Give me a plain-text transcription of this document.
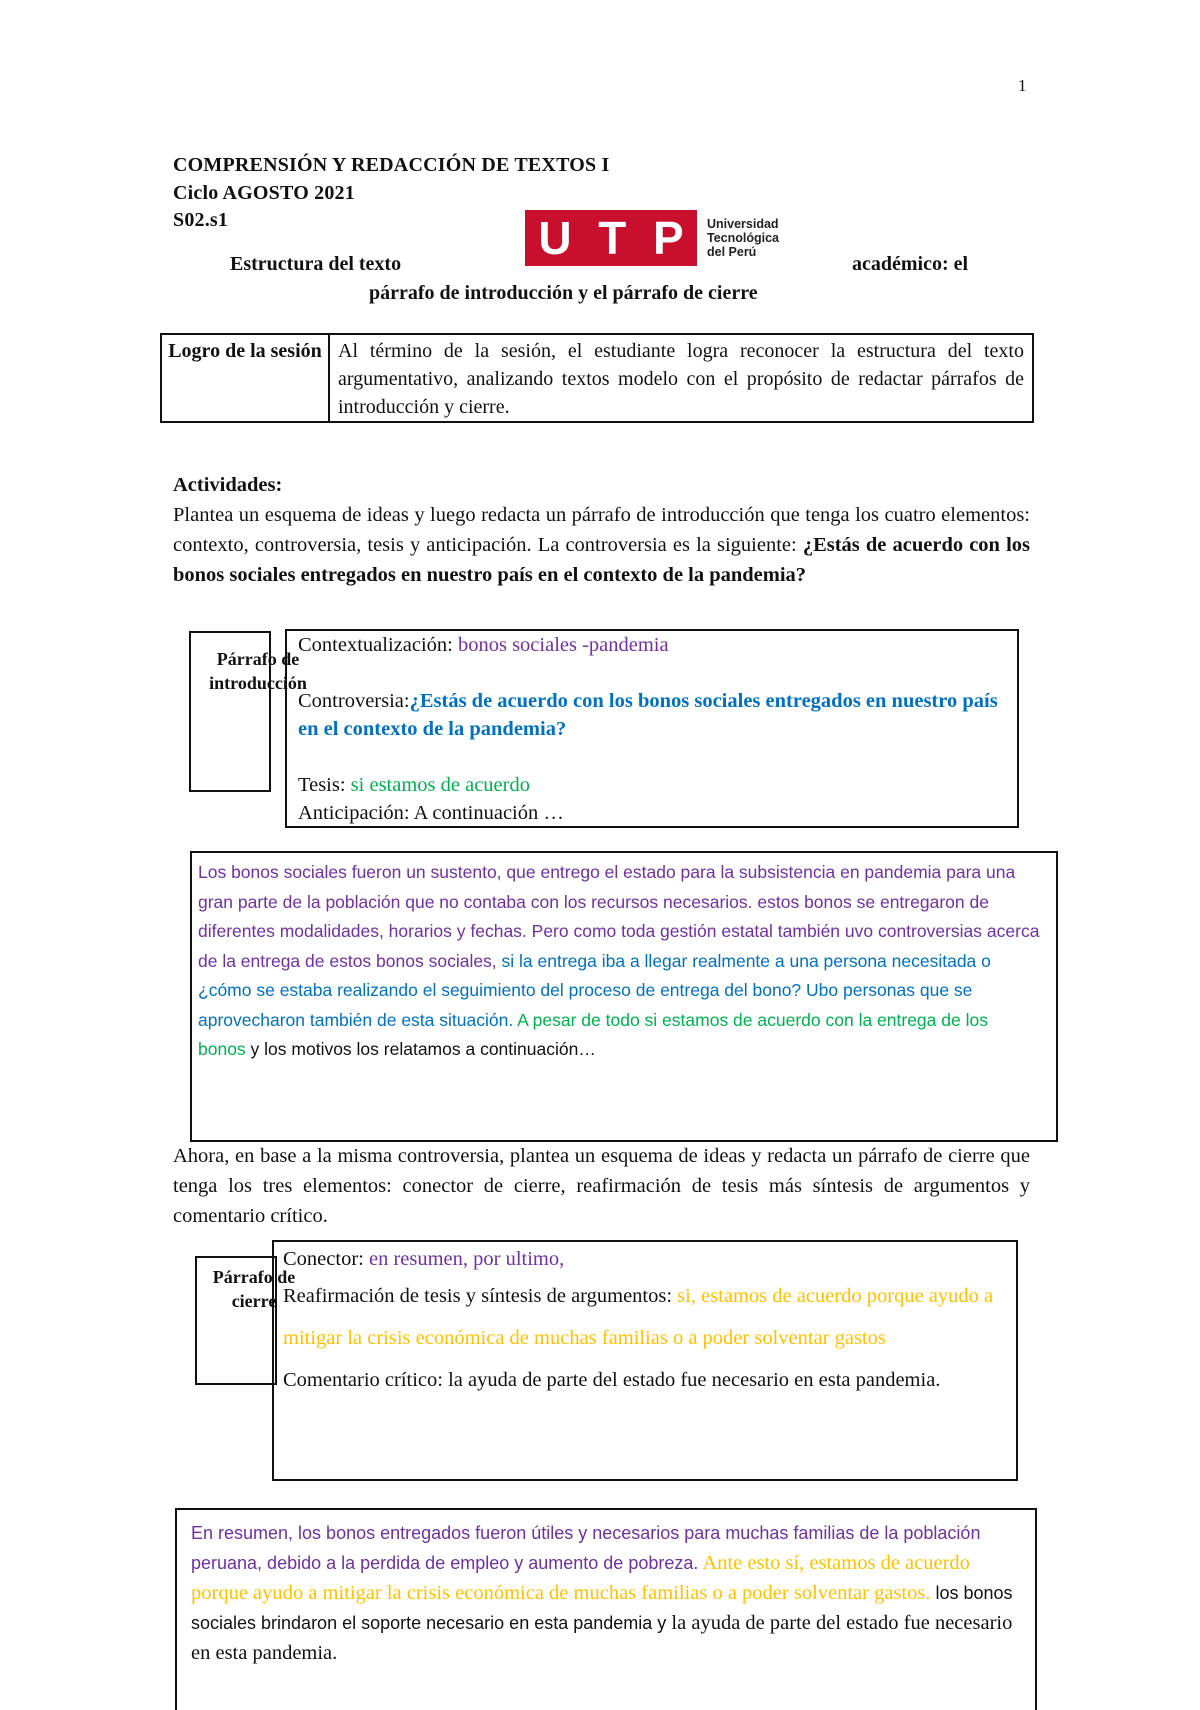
1
COMPRENSIÓN Y REDACCIÓN DE TEXTOS I
Ciclo AGOSTO 2021
S02.s1	U T P Universidad
Tecnológica
del Perú
Estructura del texto	académico: el
párrafo de introducción y el párrafo de cierre
Logro de la sesión Al término de la sesión, el estudiante logra reconocer la estructura del texto argumentativo, analizando textos modelo con el propósito de redactar párrafos de introducción y cierre.
Actividades:
Plantea un esquema de ideas y luego redacta un párrafo de introducción que tenga los cuatro elementos: contexto, controversia, tesis y anticipación. La controversia es la siguiente: ¿Estás de acuerdo con los bonos sociales entregados en nuestro país en el contexto de la pandemia?
Párrafo de introducción
Contextualización: bonos sociales -pandemia
Controversia:¿Estás de acuerdo con los bonos sociales entregados en nuestro país en el contexto de la pandemia?
Tesis: si estamos de acuerdo
Anticipación: A continuación …
Los bonos sociales fueron un sustento, que entrego el estado para la subsistencia en pandemia para una gran parte de la población que no contaba con los recursos necesarios. estos bonos se entregaron de diferentes modalidades, horarios y fechas. Pero como toda gestión estatal también uvo controversias acerca de la entrega de estos bonos sociales, si la entrega iba a llegar realmente a una persona necesitada o ¿cómo se estaba realizando el seguimiento del proceso de entrega del bono? Ubo personas que se aprovecharon también de esta situación. A pesar de todo si estamos de acuerdo con la entrega de los bonos y los motivos los relatamos a continuación…
Ahora, en base a la misma controversia, plantea un esquema de ideas y redacta un párrafo de cierre que tenga los tres elementos: conector de cierre, reafirmación de tesis más síntesis de argumentos y comentario crítico.
Párrafo de cierre
Conector: en resumen, por ultimo,
Reafirmación de tesis y síntesis de argumentos: si, estamos de acuerdo porque ayudo a mitigar la crisis económica de muchas familias o a poder solventar gastos
Comentario crítico: la ayuda de parte del estado fue necesario en esta pandemia.
En resumen, los bonos entregados fueron útiles y necesarios para muchas familias de la población peruana, debido a la perdida de empleo y aumento de pobreza. Ante esto sí, estamos de acuerdo porque ayudo a mitigar la crisis económica de muchas familias o a poder solventar gastos. los bonos sociales brindaron el soporte necesario en esta pandemia y la ayuda de parte del estado fue necesario en esta pandemia.
